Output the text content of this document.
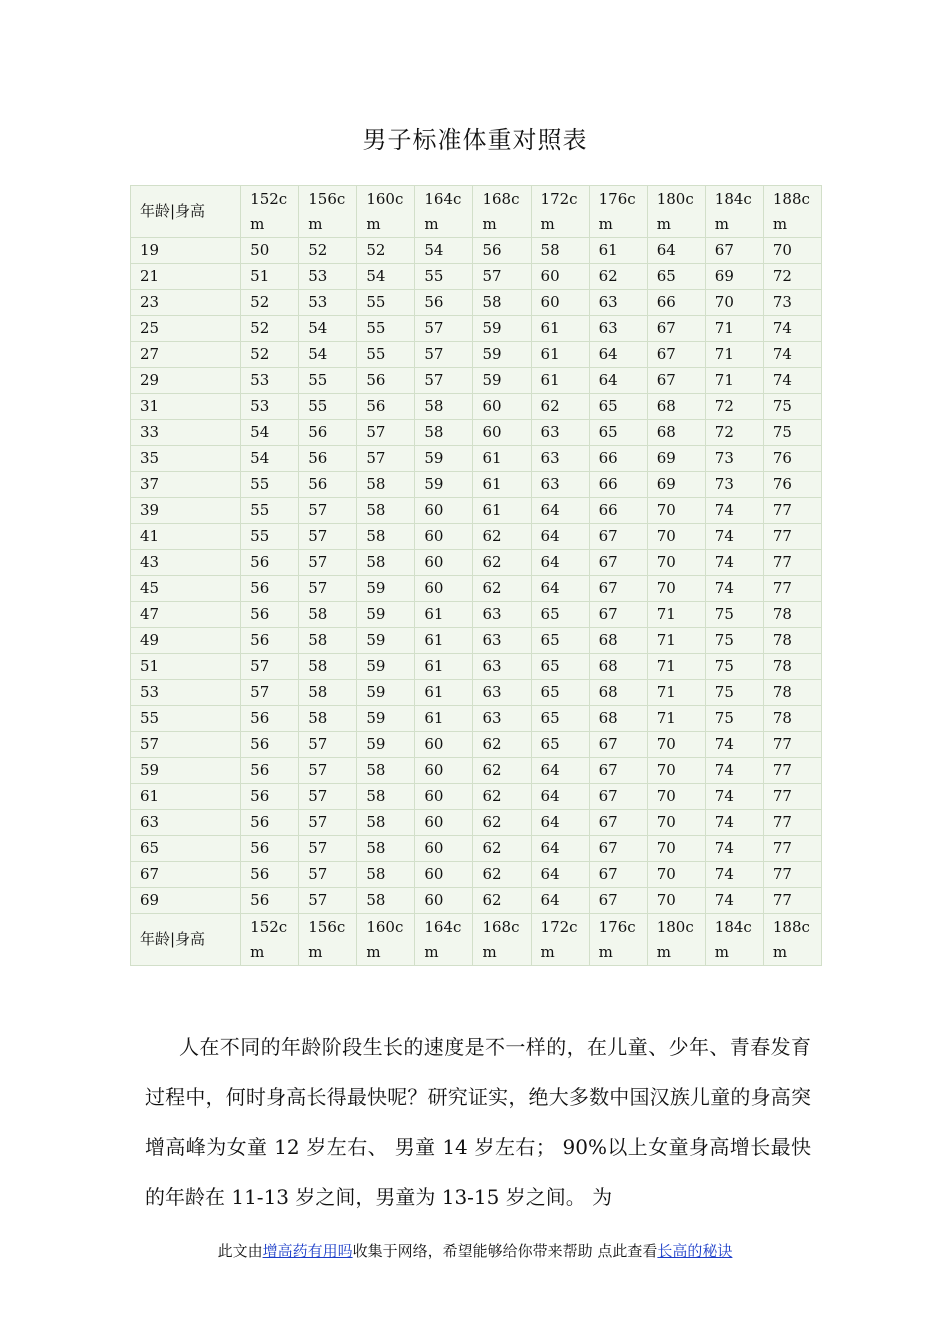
男子标准体重对照表
年龄|身高	152cm	156cm	160cm	164cm	168cm	172cm	176cm	180cm	184cm	188cm
19	50	52	52	54	56	58	61	64	67	70
21	51	53	54	55	57	60	62	65	69	72
23	52	53	55	56	58	60	63	66	70	73
25	52	54	55	57	59	61	63	67	71	74
27	52	54	55	57	59	61	64	67	71	74
29	53	55	56	57	59	61	64	67	71	74
31	53	55	56	58	60	62	65	68	72	75
33	54	56	57	58	60	63	65	68	72	75
35	54	56	57	59	61	63	66	69	73	76
37	55	56	58	59	61	63	66	69	73	76
39	55	57	58	60	61	64	66	70	74	77
41	55	57	58	60	62	64	67	70	74	77
43	56	57	58	60	62	64	67	70	74	77
45	56	57	59	60	62	64	67	70	74	77
47	56	58	59	61	63	65	67	71	75	78
49	56	58	59	61	63	65	68	71	75	78
51	57	58	59	61	63	65	68	71	75	78
53	57	58	59	61	63	65	68	71	75	78
55	56	58	59	61	63	65	68	71	75	78
57	56	57	59	60	62	65	67	70	74	77
59	56	57	58	60	62	64	67	70	74	77
61	56	57	58	60	62	64	67	70	74	77
63	56	57	58	60	62	64	67	70	74	77
65	56	57	58	60	62	64	67	70	74	77
67	56	57	58	60	62	64	67	70	74	77
69	56	57	58	60	62	64	67	70	74	77
年龄|身高	152cm	156cm	160cm	164cm	168cm	172cm	176cm	180cm	184cm	188cm
人在不同的年龄阶段生长的速度是不一样的，在儿童、少年、青春发育过程中，何时身高长得最快呢？研究证实，绝大多数中国汉族儿童的身高突增高峰为女童 12 岁左右、 男童 14 岁左右； 90%以上女童身高增长最快的年龄在 11-13 岁之间，男童为 13-15 岁之间。 为
此文由增高药有用吗收集于网络，希望能够给你带来帮助 点此查看长高的秘诀
